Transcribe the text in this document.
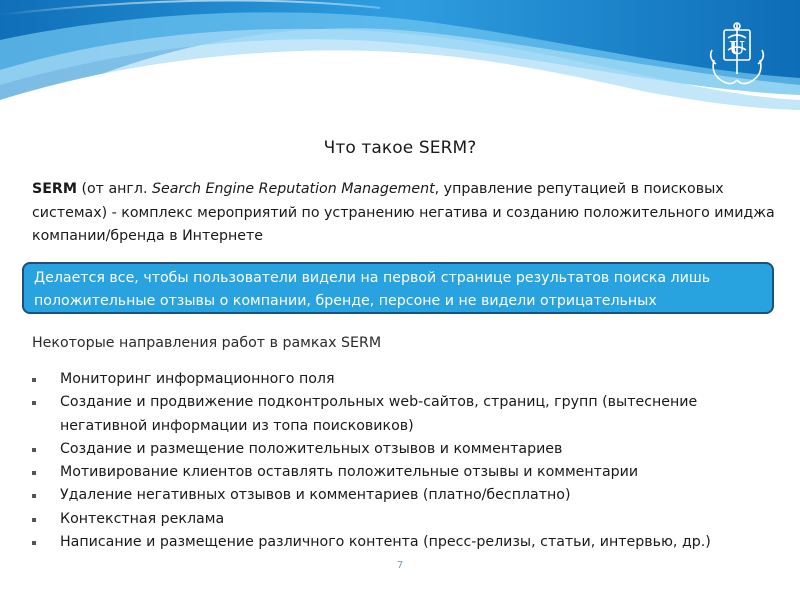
U
Что такое SERM?
SERM (от англ. Search Engine Reputation Management, управление репутацией в поисковых системах) - комплекс мероприятий по устранению негатива и созданию положительного имиджа компании/бренда в Интернете
Делается все, чтобы пользователи видели на первой странице результатов поиска лишь положительные отзывы о компании, бренде, персоне и не видели отрицательных
Некоторые направления работ в рамках SERM
Мониторинг информационного поля
Создание и продвижение подконтрольных web-сайтов, страниц, групп (вытеснение негативной информации из топа поисковиков)
Создание и размещение положительных отзывов и комментариев
Мотивирование клиентов оставлять положительные отзывы и комментарии
Удаление негативных отзывов и комментариев (платно/бесплатно)
Контекстная реклама
Написание и размещение различного контента (пресс-релизы, статьи, интервью, др.)
7
